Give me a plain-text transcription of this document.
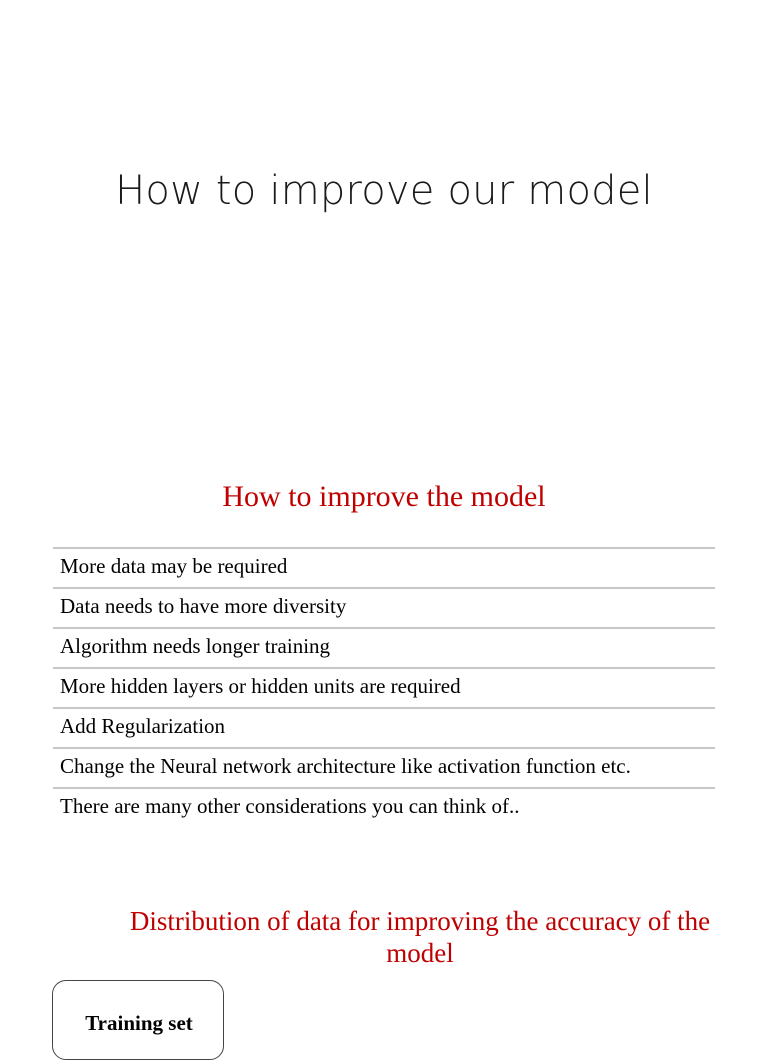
How to improve our model
How to improve the model
More data may be required
Data needs to have more diversity
Algorithm needs longer training
More hidden layers or hidden units are required
Add Regularization
Change the Neural network architecture like activation function etc.
There are many other considerations you can think of..
Distribution of data for improving the accuracy of the model
Training set
